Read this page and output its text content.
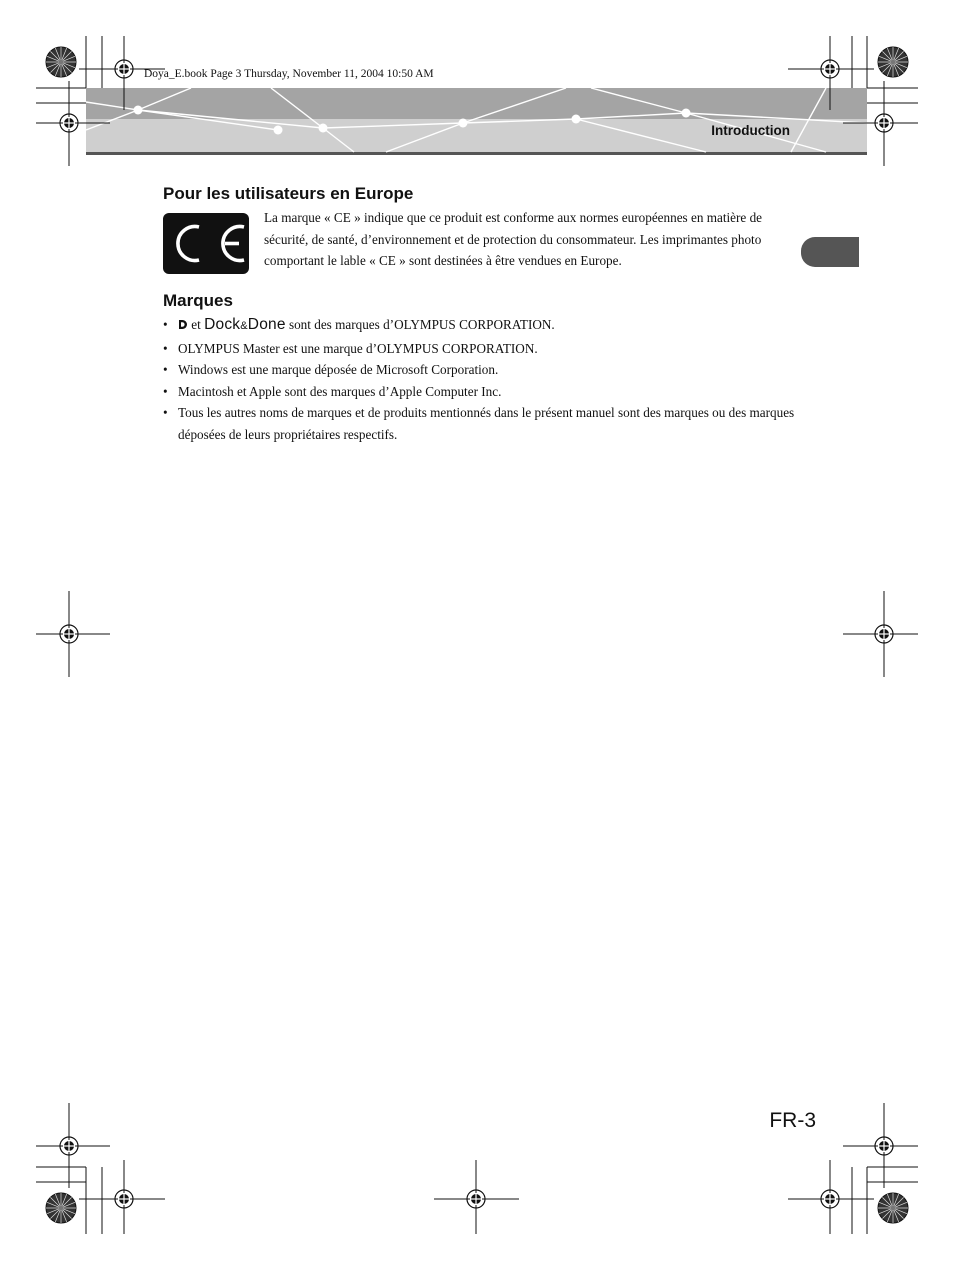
Doya_E.book Page 3 Thursday, November 11, 2004 10:50 AM
Introduction
Pour les utilisateurs en Europe
La marque « CE » indique que ce produit est conforme aux normes européennes en matière de sécurité, de santé, d’environnement et de protection du consommateur. Les imprimantes photo comportant le lable « CE » sont destinées à être vendues en Europe.
Marques
• et Dock&Done sont des marques d’OLYMPUS CORPORATION.
• OLYMPUS Master est une marque d’OLYMPUS CORPORATION.
• Windows est une marque déposée de Microsoft Corporation.
• Macintosh et Apple sont des marques d’Apple Computer Inc.
• Tous les autres noms de marques et de produits mentionnés dans le présent manuel sont des marques ou des marques déposées de leurs propriétaires respectifs.
FR-3
